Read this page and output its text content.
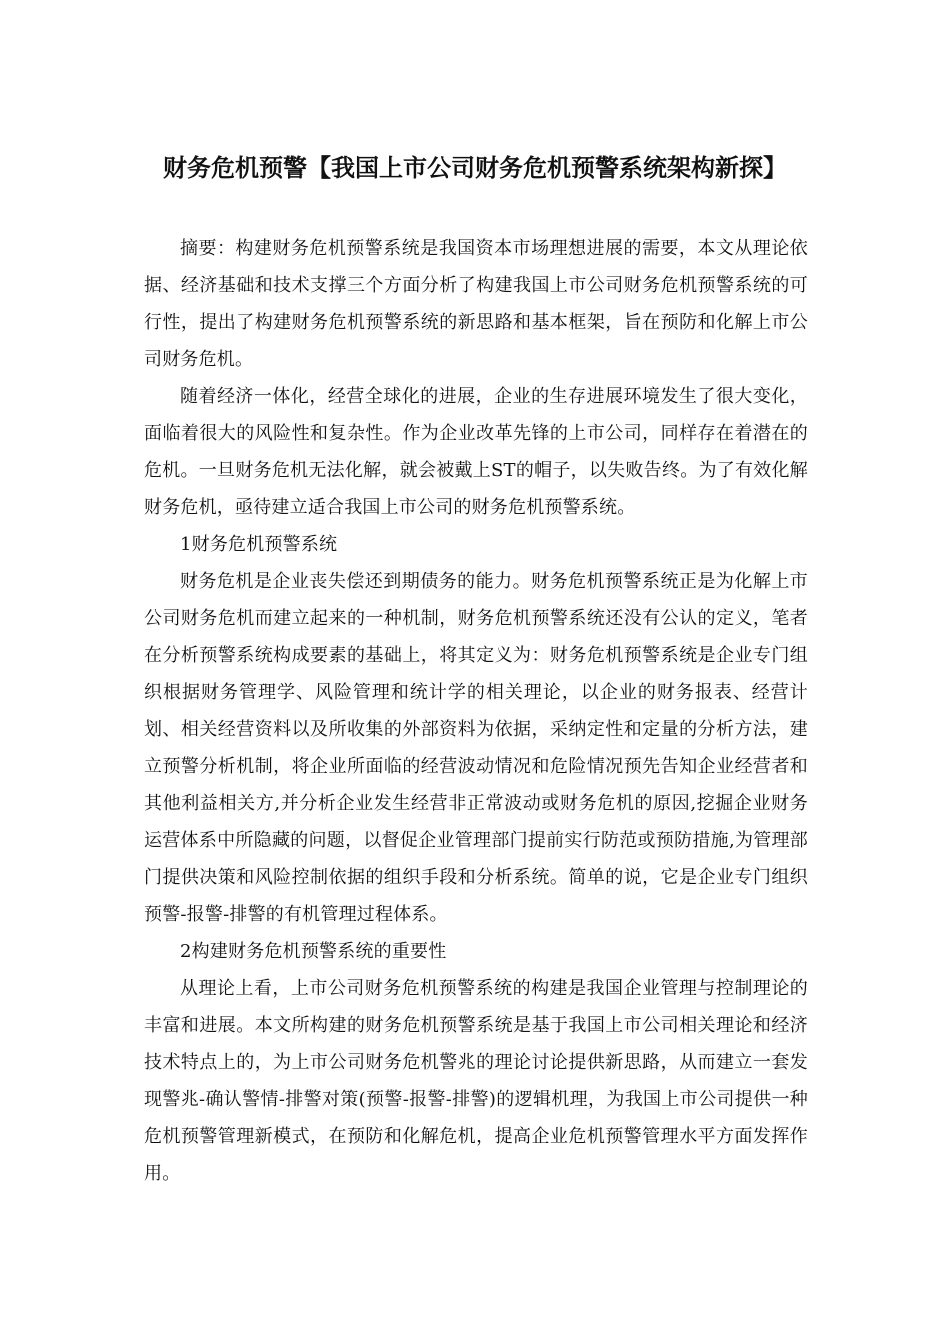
财务危机预警【我国上市公司财务危机预警系统架构新探】

摘要：构建财务危机预警系统是我国资本市场理想进展的需要，本文从理论依据、经济基础和技术支撑三个方面分析了构建我国上市公司财务危机预警系统的可行性，提出了构建财务危机预警系统的新思路和基本框架，旨在预防和化解上市公司财务危机。

随着经济一体化，经营全球化的进展，企业的生存进展环境发生了很大变化，面临着很大的风险性和复杂性。作为企业改革先锋的上市公司，同样存在着潜在的危机。一旦财务危机无法化解，就会被戴上ST的帽子，以失败告终。为了有效化解财务危机，亟待建立适合我国上市公司的财务危机预警系统。

1财务危机预警系统

财务危机是企业丧失偿还到期债务的能力。财务危机预警系统正是为化解上市公司财务危机而建立起来的一种机制，财务危机预警系统还没有公认的定义，笔者在分析预警系统构成要素的基础上，将其定义为：财务危机预警系统是企业专门组织根据财务管理学、风险管理和统计学的相关理论，以企业的财务报表、经营计划、相关经营资料以及所收集的外部资料为依据，采纳定性和定量的分析方法，建立预警分析机制，将企业所面临的经营波动情况和危险情况预先告知企业经营者和其他利益相关方,并分析企业发生经营非正常波动或财务危机的原因,挖掘企业财务运营体系中所隐藏的问题，以督促企业管理部门提前实行防范或预防措施,为管理部门提供决策和风险控制依据的组织手段和分析系统。简单的说，它是企业专门组织预警-报警-排警的有机管理过程体系。

2构建财务危机预警系统的重要性

从理论上看，上市公司财务危机预警系统的构建是我国企业管理与控制理论的丰富和进展。本文所构建的财务危机预警系统是基于我国上市公司相关理论和经济技术特点上的，为上市公司财务危机警兆的理论讨论提供新思路，从而建立一套发现警兆-确认警情-排警对策(预警-报警-排警)的逻辑机理，为我国上市公司提供一种危机预警管理新模式，在预防和化解危机，提高企业危机预警管理水平方面发挥作用。
